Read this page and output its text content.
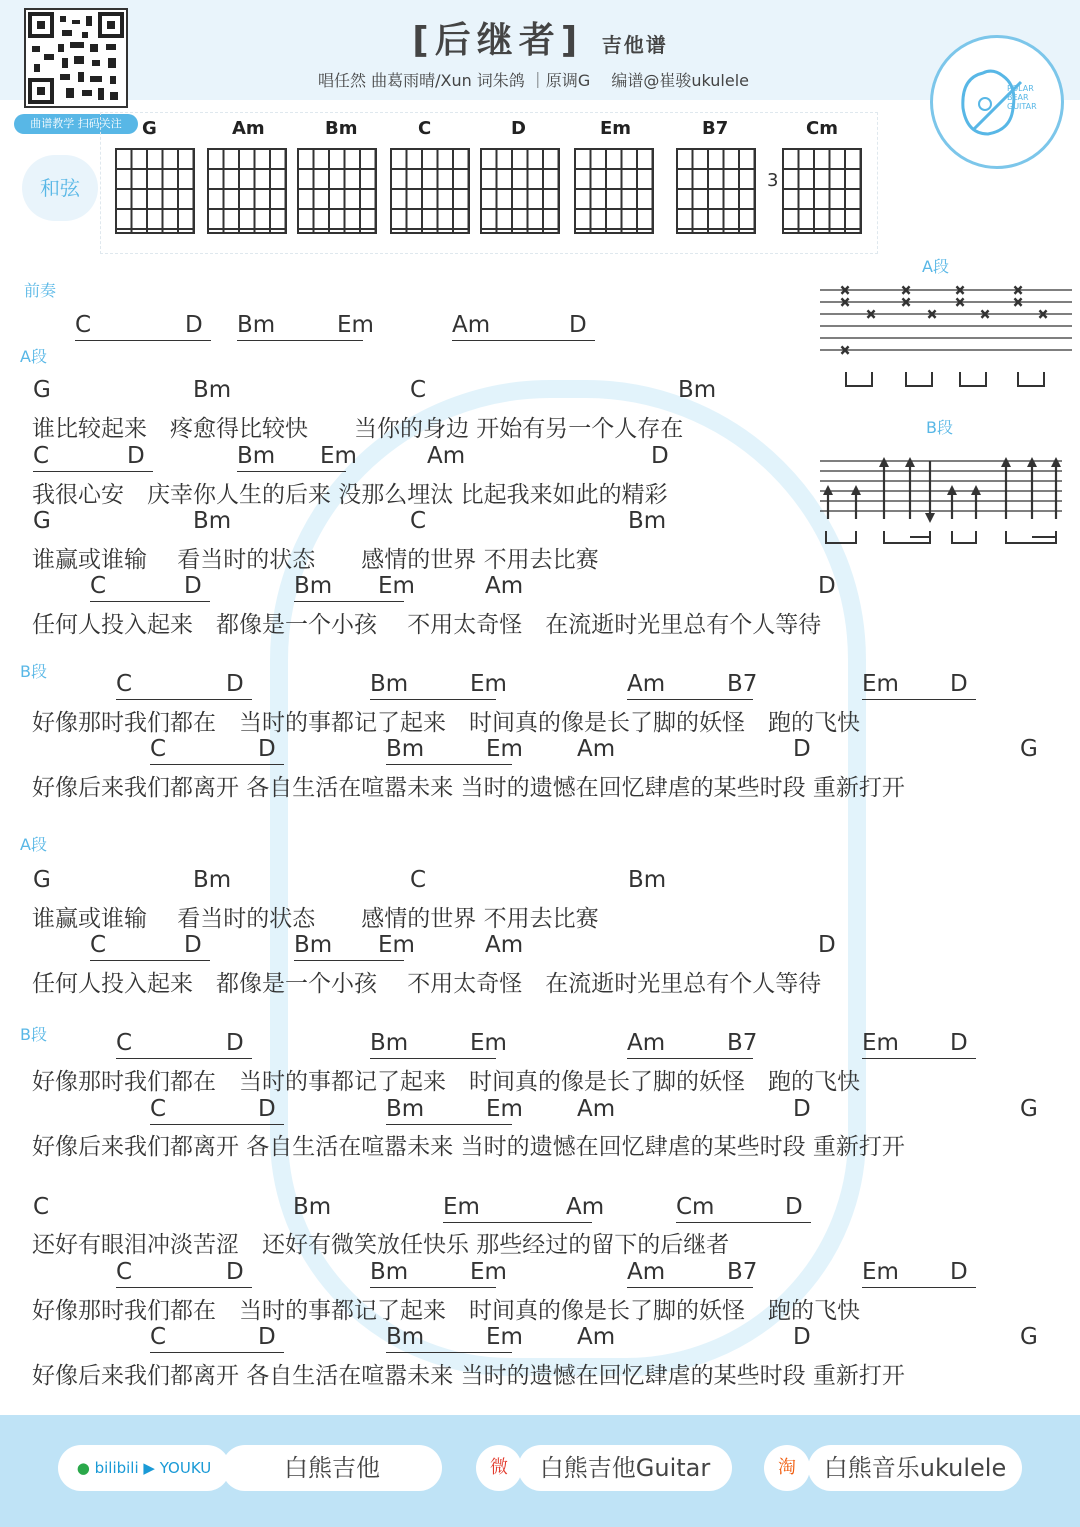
曲谱教学 扫码关注
[后继者] 吉他谱
唱任然 曲葛雨晴/Xun 词朱鸽 ｜原调G　 编谱@崔骏ukulele	POLAR
BEAR
GUITAR
和弦
G	Am	Bm	C	D	Em	B7	Cm
3
A段
×
×
×
×
×
×
×
×
×
×
×
×
×
B段
前奏
A段
B段
A段
B段
C	D Bm	Em	Am	D
G	Bm	C	Bm
谁比较起来　疼愈得比较快　　当你的身边 开始有另一个人存在
C	D	Bm Em	Am	D
我很心安　庆幸你人生的后来 没那么埋汰 比起我来如此的精彩
G	Bm	C	Bm
谁赢或谁输　 看当时的状态　　感情的世界 不用去比赛
C	D	Bm Em	Am	D
任何人投入起来　都像是一个小孩　 不用太奇怪　在流逝时光里总有个人等待
C	D	Bm	Em	Am	B7	Em D
好像那时我们都在　当时的事都记了起来　时间真的像是长了脚的妖怪　跑的飞快
C	D	Bm	Em Am	D	G
好像后来我们都离开 各自生活在喧嚣未来 当时的遗憾在回忆肆虐的某些时段 重新打开
G	Bm	C	Bm
谁赢或谁输　 看当时的状态　　感情的世界 不用去比赛
C	D	Bm Em	Am	D
任何人投入起来　都像是一个小孩　 不用太奇怪　在流逝时光里总有个人等待
C	D	Bm	Em	Am	B7	Em D
好像那时我们都在　当时的事都记了起来　时间真的像是长了脚的妖怪　跑的飞快
C	D	Bm	Em Am	D	G
好像后来我们都离开 各自生活在喧嚣未来 当时的遗憾在回忆肆虐的某些时段 重新打开
C	Bm	Em	Am	Cm	D
还好有眼泪冲淡苦涩　还好有微笑放任快乐 那些经过的留下的后继者
C	D	Bm	Em	Am	B7	Em D
好像那时我们都在　当时的事都记了起来　时间真的像是长了脚的妖怪　跑的飞快
C	D	Bm	Em Am	D	G
好像后来我们都离开 各自生活在喧嚣未来 当时的遗憾在回忆肆虐的某些时段 重新打开
● bilibili ▶ YOUKU	白熊吉他	微	白熊吉他Guitar	淘	白熊音乐ukulele
